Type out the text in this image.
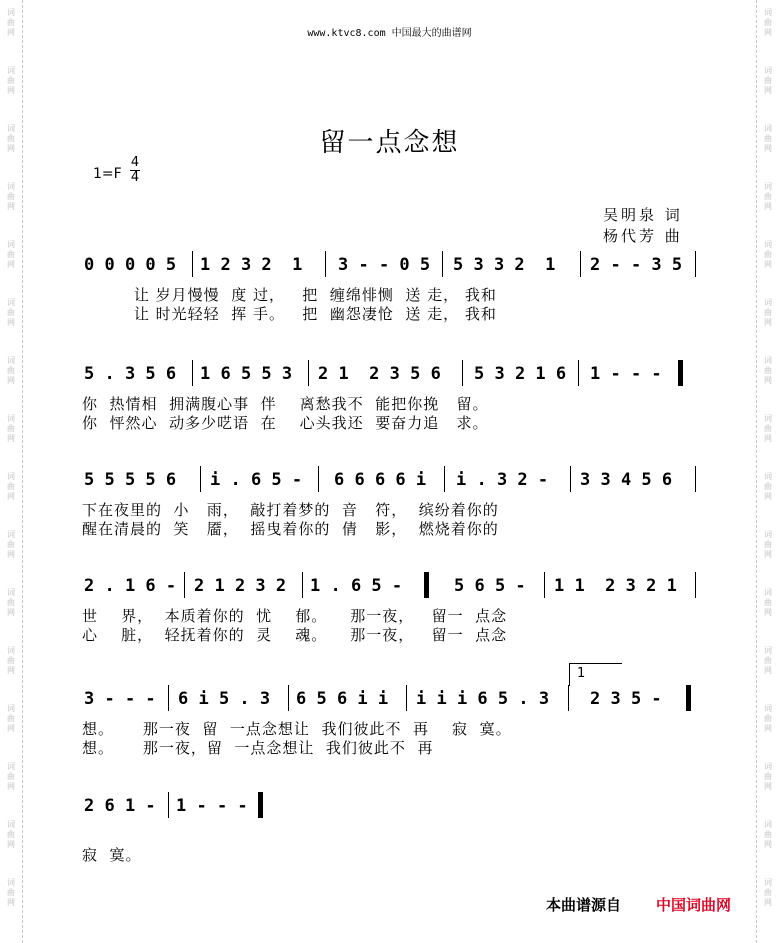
词
曲
网
词
曲
网
词
曲
网
词
曲
网
词
曲
网
词
曲
网
词
曲
网
词
曲
网
词
曲
网
词
曲
网
词
曲
网
词
曲
网
词
曲
网
词
曲
网
词
曲
网
词
曲
网
词
曲
网
词
曲
网
词
曲
网
词
曲
网
词
曲
网
词
曲
网
词
曲
网
词
曲
网
词
曲
网
词
曲
网
词
曲
网
词
曲
网
词
曲
网
词
曲
网
词
曲
网
词
曲
网
www.ktvc8.com 中国最大的曲谱网
留一点念想
1=F
4
4
吴明泉 词
杨代芳 曲
0 0 0 0 5 1 2 3 2  1 3 - - 0 5 5 3 3 2  1 2 - - 3 5
让 岁月慢慢  度 过，   把  缠绵悱恻  送 走， 我和
让 时光轻轻  挥 手。   把  幽怨凄怆  送 走， 我和
5 . 3 5 6 1 6 5 5 3 2 1  2 3 5 6 5 3 2 1 6 1 - - -
你  热情相  拥满腹心事  伴    离愁我不  能把你挽   留。
你  怦然心  动多少呓语  在    心头我还  要奋力追   求。
5 5 5 5 6 i . 6 5 - 6 6 6 6 i i . 3 2 - 3 3 4 5 6
下在夜里的  小   雨，  敲打着梦的  音   符，  缤纷着你的
醒在清晨的  笑   靥，  摇曳着你的  倩   影，  燃烧着你的
2 . 1 6 - 2 1 2 3 2 1 . 6 5 -	5 6 5 - 1 1  2 3 2 1
世    界，  本质着你的  忧    郁。    那一夜，   留一  点念
心    脏，  轻抚着你的  灵    魂。    那一夜，   留一  点念
1
3 - - - 6 i 5 . 3 6 5 6 i i i i i 6 5 . 3 2 3 5 -
想。     那一夜  留  一点念想让  我们彼此不  再    寂  寞。
想。     那一夜，留  一点念想让  我们彼此不  再
2 6 1 - 1 - - -
寂  寞。
本曲谱源自 中国词曲网
